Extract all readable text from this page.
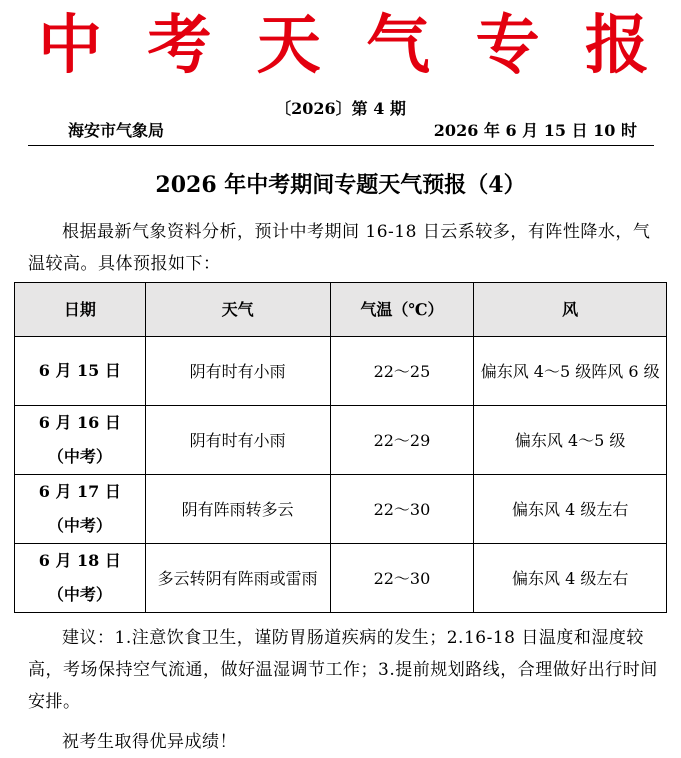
中 考 天 气 专 报
〔2026〕第 4 期
海安市气象局	2026 年 6 月 15 日 10 时
2026 年中考期间专题天气预报（4）
根据最新气象资料分析，预计中考期间 16-18 日云系较多，有阵性降水，气温较高。具体预报如下：
日期	天气	气温（℃）	风

6 月 15 日	阴有时有小雨	22～25	偏东风 4～5 级阵风 6 级

6 月 16 日
（中考）	阴有时有小雨	22～29	偏东风 4～5 级

6 月 17 日
（中考）	阴有阵雨转多云	22～30	偏东风 4 级左右

6 月 18 日
（中考）	多云转阴有阵雨或雷雨	22～30	偏东风 4 级左右
建议：1.注意饮食卫生，谨防胃肠道疾病的发生；2.16-18 日温度和湿度较高，考场保持空气流通，做好温湿调节工作；3.提前规划路线，合理做好出行时间安排。
祝考生取得优异成绩！
